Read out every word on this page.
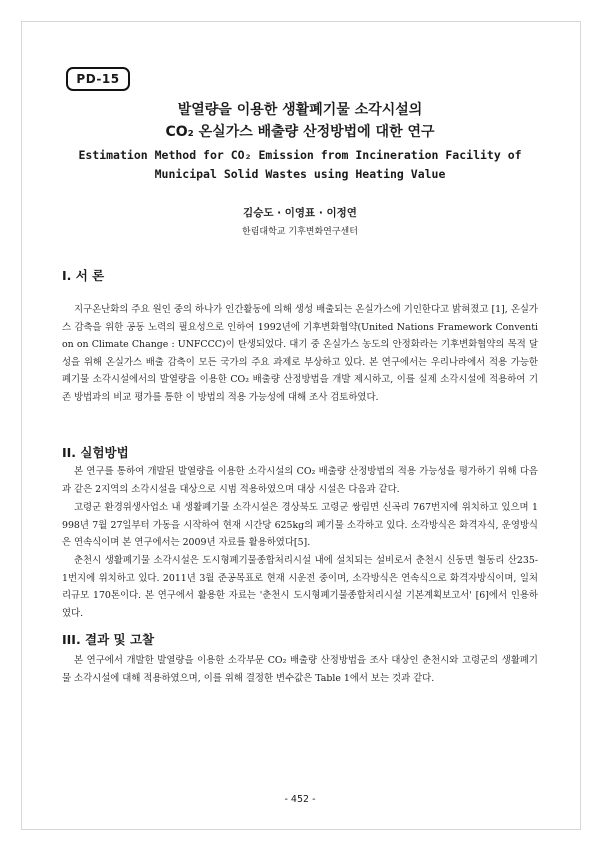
PD-15
발열량을 이용한 생활폐기물 소각시설의
CO₂ 온실가스 배출량 산정방법에 대한 연구
Estimation Method for CO₂ Emission from Incineration Facility of
Municipal Solid Wastes using Heating Value
김승도 · 이영표 · 이정연
한림대학교 기후변화연구센터
I. 서 론

지구온난화의 주요 원인 중의 하나가 인간활동에 의해 생성 배출되는 온실가스에 기인한다고 밝혀졌고 [1], 온실가스 감축을 위한 공동 노력의 필요성으로 인하여 1992년에 기후변화협약(United Nations Framework Convention on Climate Change : UNFCCC)이 탄생되었다. 대기 중 온실가스 농도의 안정화라는 기후변화협약의 목적 달성을 위해 온실가스 배출 감축이 모든 국가의 주요 과제로 부상하고 있다. 본 연구에서는 우리나라에서 적용 가능한 폐기물 소각시설에서의 발열량을 이용한 CO₂ 배출량 산정방법을 개발 제시하고, 이를 실제 소각시설에 적용하여 기존 방법과의 비교 평가를 통한 이 방법의 적용 가능성에 대해 조사 검토하였다.

II. 실험방법

본 연구를 통하여 개발된 발열량을 이용한 소각시설의 CO₂ 배출량 산정방법의 적용 가능성을 평가하기 위해 다음과 같은 2지역의 소각시설을 대상으로 시범 적용하였으며 대상 시설은 다음과 같다.

고령군 환경위생사업소 내 생활폐기물 소각시설은 경상북도 고령군 쌍림면 신곡리 767번지에 위치하고 있으며 1998년 7월 27일부터 가동을 시작하여 현재 시간당 625kg의 폐기물 소각하고 있다. 소각방식은 화격자식, 운영방식은 연속식이며 본 연구에서는 2009년 자료를 활용하였다[5].

춘천시 생활폐기물 소각시설은 도시형폐기물종합처리시설 내에 설치되는 설비로서 춘천시 신동면 혈동리 산235-1번지에 위치하고 있다. 2011년 3월 준공목표로 현재 시운전 중이며, 소각방식은 연속식으로 화격자방식이며, 일처리규모 170톤이다. 본 연구에서 활용한 자료는 '춘천시 도시형폐기물종합처리시설 기본계획보고서' [6]에서 인용하였다.

III. 결과 및 고찰

본 연구에서 개발한 발열량을 이용한 소각부문 CO₂ 배출량 산정방법을 조사 대상인 춘천시와 고령군의 생활폐기물 소각시설에 대해 적용하였으며, 이를 위해 결정한 변수값은 Table 1에서 보는 것과 같다.

- 452 -
